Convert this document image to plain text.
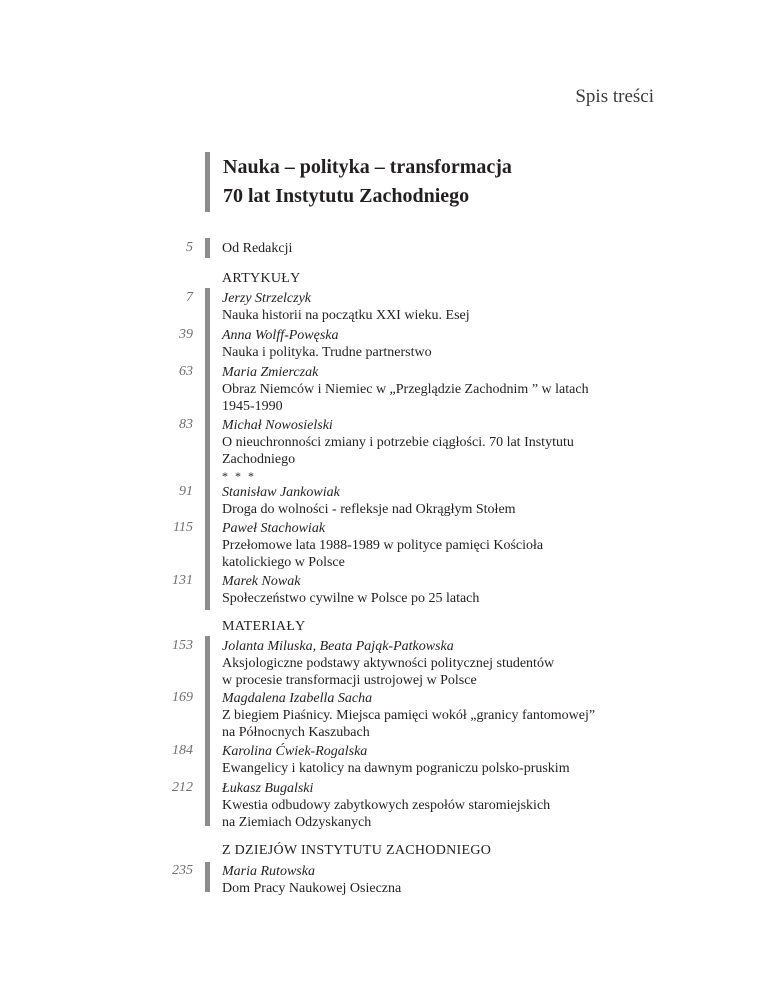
Spis treści
Nauka – polityka – transformacja
70 lat Instytutu Zachodniego
5 Od Redakcji
ARTYKUŁY
7 Jerzy Strzelczyk
Nauka historii na początku XXI wieku. Esej
39 Anna Wolff-Powęska
Nauka i polityka. Trudne partnerstwo
63 Maria Zmierczak
Obraz Niemców i Niemiec w „Przeglądzie Zachodnim ” w latach
1945-1990
83 Michał Nowosielski
O nieuchronności zmiany i potrzebie ciągłości. 70 lat Instytutu
Zachodniego
* * *
91 Stanisław Jankowiak
Droga do wolności - refleksje nad Okrągłym Stołem
115 Paweł Stachowiak
Przełomowe lata 1988-1989 w polityce pamięci Kościoła
katolickiego w Polsce
131 Marek Nowak
Społeczeństwo cywilne w Polsce po 25 latach
MATERIAŁY
153 Jolanta Miluska, Beata Pająk-Patkowska
Aksjologiczne podstawy aktywności politycznej studentów
w procesie transformacji ustrojowej w Polsce
169 Magdalena Izabella Sacha
Z biegiem Piaśnicy. Miejsca pamięci wokół „granicy fantomowej”
na Północnych Kaszubach
184 Karolina Ćwiek-Rogalska
Ewangelicy i katolicy na dawnym pograniczu polsko-pruskim
212 Łukasz Bugalski
Kwestia odbudowy zabytkowych zespołów staromiejskich
na Ziemiach Odzyskanych
Z DZIEJÓW INSTYTUTU ZACHODNIEGO
235 Maria Rutowska
Dom Pracy Naukowej Osieczna
